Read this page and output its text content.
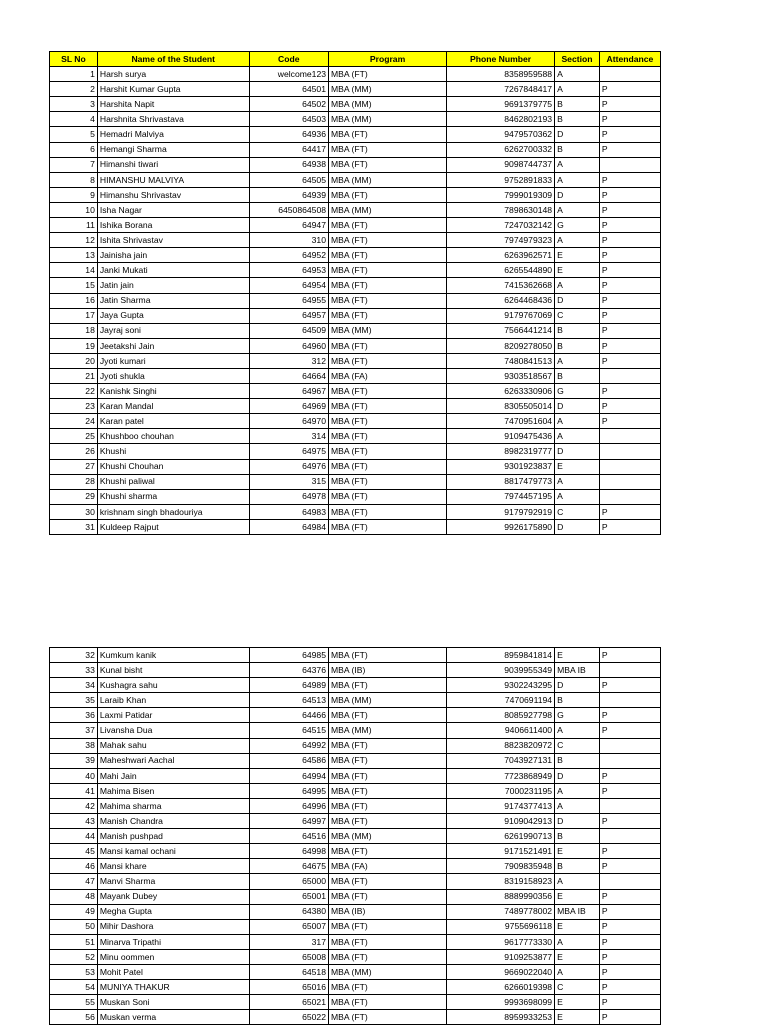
SL No	Name of the Student	Code	Program	Phone Number	Section	Attendance
1	Harsh surya	welcome123	MBA (FT)	8358959588	A	
2	Harshit Kumar Gupta	64501	MBA (MM)	7267848417	A	P
3	Harshita Napit	64502	MBA (MM)	9691379775	B	P
4	Harshnita Shrivastava	64503	MBA (MM)	8462802193	B	P
5	Hemadri Malviya	64936	MBA (FT)	9479570362	D	P
6	Hemangi Sharma	64417	MBA (FT)	6262700332	B	P
7	Himanshi tiwari	64938	MBA (FT)	9098744737	A	
8	HIMANSHU MALVIYA	64505	MBA (MM)	9752891833	A	P
9	Himanshu Shrivastav	64939	MBA (FT)	7999019309	D	P
10	Isha Nagar	6450864508	MBA (MM)	7898630148	A	P
11	Ishika Borana	64947	MBA (FT)	7247032142	G	P
12	Ishita Shrivastav	310	MBA (FT)	7974979323	A	P
13	Jainisha jain	64952	MBA (FT)	6263962571	E	P
14	Janki Mukati	64953	MBA (FT)	6265544890	E	P
15	Jatin jain	64954	MBA (FT)	7415362668	A	P
16	Jatin Sharma	64955	MBA (FT)	6264468436	D	P
17	Jaya Gupta	64957	MBA (FT)	9179767069	C	P
18	Jayraj soni	64509	MBA (MM)	7566441214	B	P
19	Jeetakshi Jain	64960	MBA (FT)	8209278050	B	P
20	Jyoti kumari	312	MBA (FT)	7480841513	A	P
21	Jyoti shukla	64664	MBA (FA)	9303518567	B	
22	Kanishk Singhi	64967	MBA (FT)	6263330906	G	P
23	Karan Mandal	64969	MBA (FT)	8305505014	D	P
24	Karan patel	64970	MBA (FT)	7470951604	A	P
25	Khushboo chouhan	314	MBA (FT)	9109475436	A	
26	Khushi	64975	MBA (FT)	8982319777	D	
27	Khushi Chouhan	64976	MBA (FT)	9301923837	E	
28	Khushi paliwal	315	MBA (FT)	8817479773	A	
29	Khushi sharma	64978	MBA (FT)	7974457195	A	
30	krishnam singh bhadouriya	64983	MBA (FT)	9179792919	C	P
31	Kuldeep Rajput	64984	MBA (FT)	9926175890	D	P
32	Kumkum kanik	64985	MBA (FT)	8959841814	E	P
33	Kunal bisht	64376	MBA (IB)	9039955349	MBA IB	
34	Kushagra sahu	64989	MBA (FT)	9302243295	D	P
35	Laraib Khan	64513	MBA (MM)	7470691194	B	
36	Laxmi Patidar	64466	MBA (FT)	8085927798	G	P
37	Livansha Dua	64515	MBA (MM)	9406611400	A	P
38	Mahak sahu	64992	MBA (FT)	8823820972	C	
39	Maheshwari Aachal	64586	MBA (FT)	7043927131	B	
40	Mahi Jain	64994	MBA (FT)	7723868949	D	P
41	Mahima Bisen	64995	MBA (FT)	7000231195	A	P
42	Mahima sharma	64996	MBA (FT)	9174377413	A	
43	Manish Chandra	64997	MBA (FT)	9109042913	D	P
44	Manish pushpad	64516	MBA (MM)	6261990713	B	
45	Mansi kamal ochani	64998	MBA (FT)	9171521491	E	P
46	Mansi khare	64675	MBA (FA)	7909835948	B	P
47	Manvi Sharma	65000	MBA (FT)	8319158923	A	
48	Mayank Dubey	65001	MBA (FT)	8889990356	E	P
49	Megha Gupta	64380	MBA (IB)	7489778002	MBA IB	P
50	Mihir Dashora	65007	MBA (FT)	9755696118	E	P
51	Minarva Tripathi	317	MBA (FT)	9617773330	A	P
52	Minu oommen	65008	MBA (FT)	9109253877	E	P
53	Mohit Patel	64518	MBA (MM)	9669022040	A	P
54	MUNIYA THAKUR	65016	MBA (FT)	6266019398	C	P
55	Muskan Soni	65021	MBA (FT)	9993698099	E	P
56	Muskan verma	65022	MBA (FT)	8959933253	E	P
